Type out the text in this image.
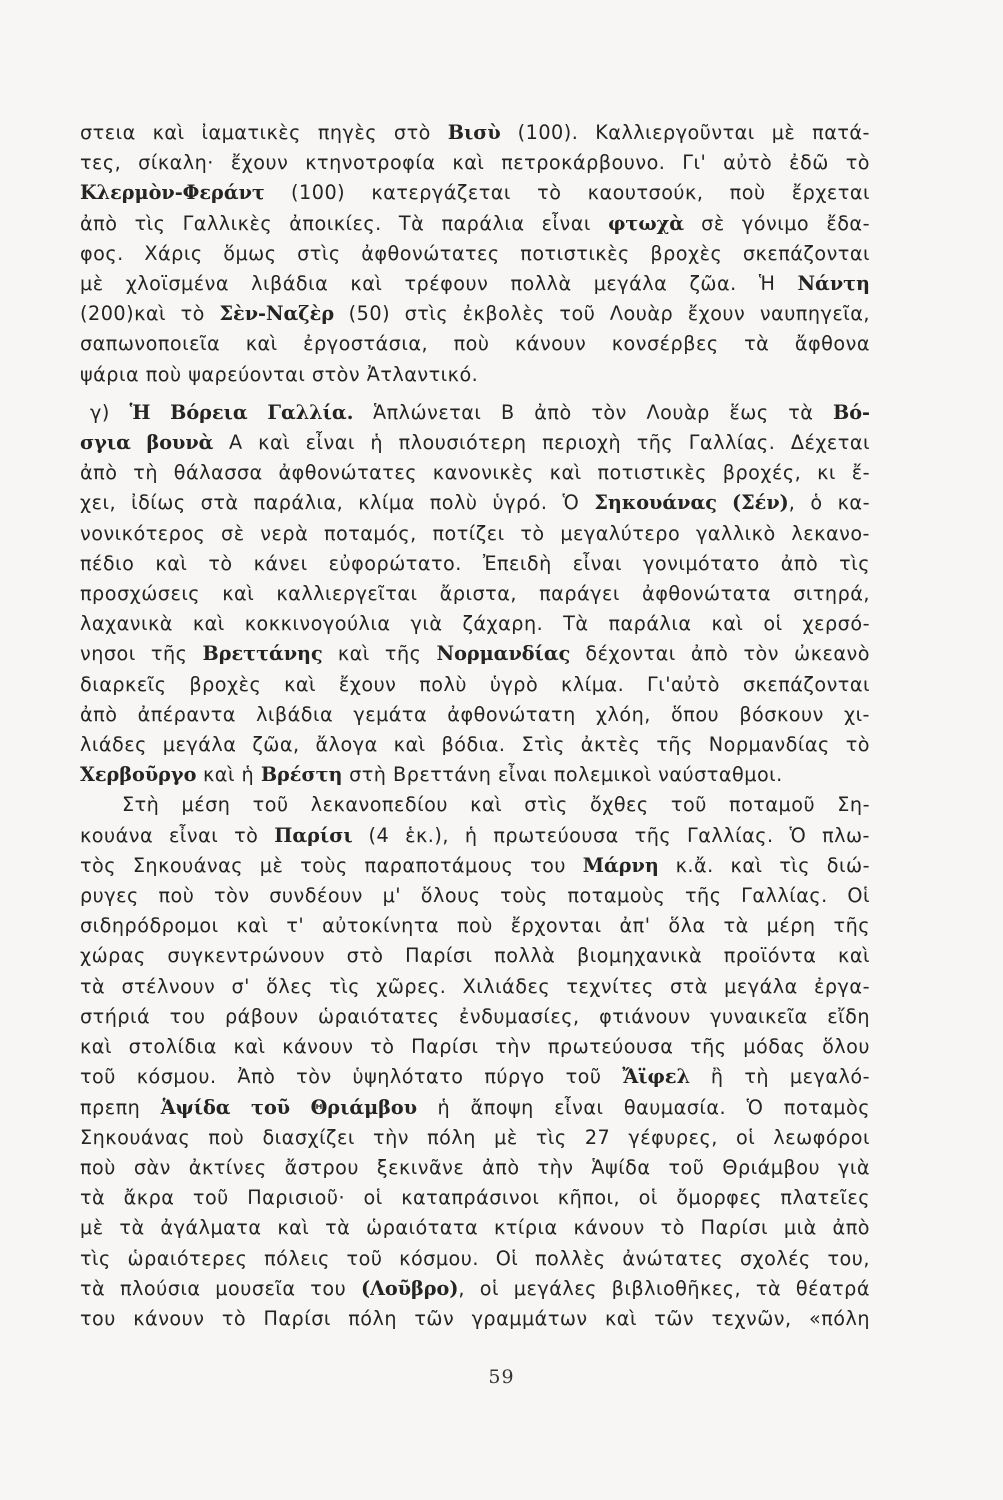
στεια καὶ ἰαματικὲς πηγὲς στὸ Βισὺ (100). Καλλιεργοῦνται μὲ πατά-
τες, σίκαλη· ἔχουν κτηνοτροφία καὶ πετροκάρβουνο. Γι' αὐτὸ ἐδῶ τὸ
Κλερμὸν-Φεράντ (100) κατεργάζεται τὸ καουτσούκ, ποὺ ἔρχεται
ἀπὸ τὶς Γαλλικὲς ἀποικίες. Τὰ παράλια εἶναι φτωχὰ σὲ γόνιμο ἔδα-
φος. Χάρις ὅμως στὶς ἀφθονώτατες ποτιστικὲς βροχὲς σκεπάζονται
μὲ χλοϊσμένα λιβάδια καὶ τρέφουν πολλὰ μεγάλα ζῶα. Ἡ Νάντη
(200)καὶ τὸ Σὲν-Ναζὲρ (50) στὶς ἐκβολὲς τοῦ Λουὰρ ἔχουν ναυπηγεῖα,
σαπωνοποιεῖα καὶ ἐργοστάσια, ποὺ κάνουν κονσέρβες τὰ ἄφθονα
ψάρια ποὺ ψαρεύονται στὸν Ἀτλαντικό.
γ) Ἡ Βόρεια Γαλλία. Ἁπλώνεται Β ἀπὸ τὸν Λουὰρ ἕως τὰ Βό-
σγια βουνὰ Α καὶ εἶναι ἡ πλουσιότερη περιοχὴ τῆς Γαλλίας. Δέχεται
ἀπὸ τὴ θάλασσα ἀφθονώτατες κανονικὲς καὶ ποτιστικὲς βροχές, κι ἔ-
χει, ἰδίως στὰ παράλια, κλίμα πολὺ ὑγρό. Ὁ Σηκουάνας (Σέν), ὁ κα-
νονικότερος σὲ νερὰ ποταμός, ποτίζει τὸ μεγαλύτερο γαλλικὸ λεκανο-
πέδιο καὶ τὸ κάνει εὐφορώτατο. Ἐπειδὴ εἶναι γονιμότατο ἀπὸ τὶς
προσχώσεις καὶ καλλιεργεῖται ἄριστα, παράγει ἀφθονώτατα σιτηρά,
λαχανικὰ καὶ κοκκινογούλια γιὰ ζάχαρη. Τὰ παράλια καὶ οἱ χερσό-
νησοι τῆς Βρεττάνης καὶ τῆς Νορμανδίας δέχονται ἀπὸ τὸν ὠκεανὸ
διαρκεῖς βροχὲς καὶ ἔχουν πολὺ ὑγρὸ κλίμα. Γι'αὐτὸ σκεπάζονται
ἀπὸ ἀπέραντα λιβάδια γεμάτα ἀφθονώτατη χλόη, ὅπου βόσκουν χι-
λιάδες μεγάλα ζῶα, ἄλογα καὶ βόδια. Στὶς ἀκτὲς τῆς Νορμανδίας τὸ
Χερβοῦργο καὶ ἡ Βρέστη στὴ Βρεττάνη εἶναι πολεμικοὶ ναύσταθμοι.
Στὴ μέση τοῦ λεκανοπεδίου καὶ στὶς ὄχθες τοῦ ποταμοῦ Ση-
κουάνα εἶναι τὸ Παρίσι (4 ἑκ.), ἡ πρωτεύουσα τῆς Γαλλίας. Ὁ πλω-
τὸς Σηκουάνας μὲ τοὺς παραποτάμους του Μάρνη κ.ἄ. καὶ τὶς διώ-
ρυγες ποὺ τὸν συνδέουν μ' ὅλους τοὺς ποταμοὺς τῆς Γαλλίας. Οἱ
σιδηρόδρομοι καὶ τ' αὐτοκίνητα ποὺ ἔρχονται ἀπ' ὅλα τὰ μέρη τῆς
χώρας συγκεντρώνουν στὸ Παρίσι πολλὰ βιομηχανικὰ προϊόντα καὶ
τὰ στέλνουν σ' ὅλες τὶς χῶρες. Χιλιάδες τεχνίτες στὰ μεγάλα ἐργα-
στήριά του ράβουν ὡραιότατες ἐνδυμασίες, φτιάνουν γυναικεῖα εἴδη
καὶ στολίδια καὶ κάνουν τὸ Παρίσι τὴν πρωτεύουσα τῆς μόδας ὅλου
τοῦ κόσμου. Ἀπὸ τὸν ὑψηλότατο πύργο τοῦ Ἄϊφελ ἢ τὴ μεγαλό-
πρεπη Ἁψίδα τοῦ Θριάμβου ἡ ἄποψη εἶναι θαυμασία. Ὁ ποταμὸς
Σηκουάνας ποὺ διασχίζει τὴν πόλη μὲ τὶς 27 γέφυρες, οἱ λεωφόροι
ποὺ σὰν ἀκτίνες ἄστρου ξεκινᾶνε ἀπὸ τὴν Ἁψίδα τοῦ Θριάμβου γιὰ
τὰ ἄκρα τοῦ Παρισιοῦ· οἱ καταπράσινοι κῆποι, οἱ ὄμορφες πλατεῖες
μὲ τὰ ἀγάλματα καὶ τὰ ὡραιότατα κτίρια κάνουν τὸ Παρίσι μιὰ ἀπὸ
τὶς ὡραιότερες πόλεις τοῦ κόσμου. Οἱ πολλὲς ἀνώτατες σχολές του,
τὰ πλούσια μουσεῖα του (Λοῦβρο), οἱ μεγάλες βιβλιοθῆκες, τὰ θέατρά
του κάνουν τὸ Παρίσι πόλη τῶν γραμμάτων καὶ τῶν τεχνῶν, «πόλη
59
